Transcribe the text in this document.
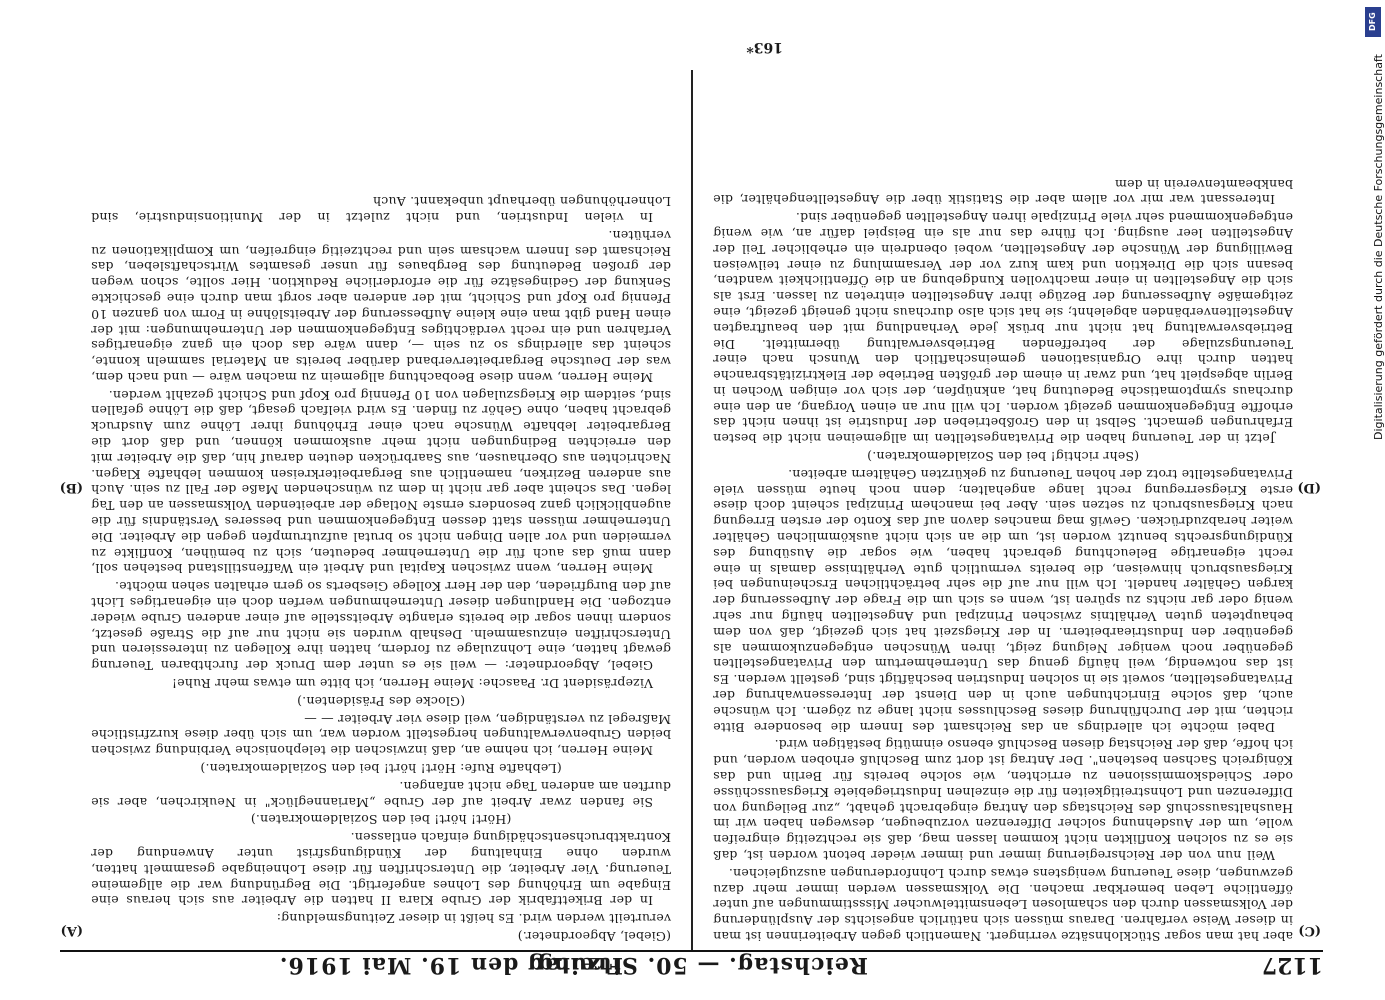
Digitalisierung gefördert durch die Deutsche Forschungsgemeinschaft
DFG
1127
Reichstag. — 50. Sitzung.
Freitag den 19. Mai 1916.
(C)
(D)
(A)
(B)

aber hat man sogar Stücklohnsätze verringert. Namentlich gegen Arbeiterinnen ist man in dieser Weise verfahren. Daraus müssen sich natürlich angesichts der Ausplünderung der Volksmassen durch den schamlosen Lebensmittelwucher Missstimmungen auf unter öffentliche Leben bemerkbar machen. Die Volksmassen werden immer mehr dazu gezwungen, diese Teuerung wenigstens etwas durch Lohnforderungen auszugleichen.

Weil nun von der Reichsregierung immer und immer wieder betont worden ist, daß sie es zu solchen Konflikten nicht kommen lassen mag, daß sie rechtzeitig eingreifen wolle, um der Ausdehnung solcher Differenzen vorzubeugen, deswegen haben wir im Haushaltsausschuß des Reichstags den Antrag eingebracht gehabt, „zur Beilegung von Differenzen und Lohnstreitigkeiten für die einzelnen Industriegebiete Kriegsausschüsse oder Schiedskommissionen zu errichten, wie solche bereits für Berlin und das Königreich Sachsen bestehen". Der Antrag ist dort zum Beschluß erhoben worden, und ich hoffe, daß der Reichstag diesen Beschluß ebenso einmütig bestätigen wird.

Dabei möchte ich allerdings an das Reichsamt des Innern die besondere Bitte richten, mit der Durchführung dieses Beschlusses nicht lange zu zögern. Ich wünsche auch, daß solche Einrichtungen auch in den Dienst der Interessenwahrung der Privatangestellten, soweit sie in solchen Industrien beschäftigt sind, gestellt werden. Es ist das notwendig, weil häufig genug das Unternehmertum den Privatangestellten gegenüber noch weniger Neigung zeigt, ihren Wünschen entgegenzukommen als gegenüber den Industriearbeitern. In der Kriegszeit hat sich gezeigt, daß von dem behaupteten guten Verhältnis zwischen Prinzipal und Angestellten häufig nur sehr wenig oder gar nichts zu spüren ist, wenn es sich um die Frage der Aufbesserung der kargen Gehälter handelt. Ich will nur auf die sehr beträchtlichen Erscheinungen bei Kriegsausbruch hinweisen, die bereits vermutlich gute Verhältnisse damals in eine recht eigenartige Beleuchtung gebracht haben, wie sogar die Ausübung des Kündigungsrechts benutzt worden ist, um die an sich nicht auskömmlichen Gehälter weiter herabzudrücken. Gewiß mag manches davon auf das Konto der ersten Erregung nach Kriegsausbruch zu setzen sein. Aber bei manchem Prinzipal scheint doch diese erste Kriegserregung recht lange angehalten; denn noch heute müssen viele Privatangestellte trotz der hohen Teuerung zu gekürzten Gehältern arbeiten.

(Sehr richtig! bei den Sozialdemokraten.)

Jetzt in der Teuerung haben die Privatangestellten im allgemeinen nicht die besten Erfahrungen gemacht. Selbst in den Großbetrieben der Industrie ist ihnen nicht das erhoffte Entgegenkommen gezeigt worden. Ich will nur an einen Vorgang, an den eine durchaus symptomatische Bedeutung hat, anknüpfen, der sich vor einigen Wochen in Berlin abgespielt hat, und zwar in einem der größten Betriebe der Elektrizitätsbranche hatten durch ihre Organisationen gemeinschaftlich den Wunsch nach einer Teuerungszulage der betreffenden Betriebsverwaltung übermittelt. Die Betriebsverwaltung hat nicht nur brüsk jede Verhandlung mit den beauftragten Angestelltenverbänden abgelehnt; sie hat sich also durchaus nicht geneigt gezeigt, eine zeitgemäße Aufbesserung der Bezüge ihrer Angestellten eintreten zu lassen. Erst als sich die Angestellten in einer machtvollen Kundgebung an die Öffentlichkeit wandten, besann sich die Direktion und kam kurz vor der Versammlung zu einer teilweisen Bewilligung der Wünsche der Angestellten, wobei obendrein ein erheblicher Teil der Angestellten leer ausging. Ich führe das nur als ein Beispiel dafür an, wie wenig entgegenkommend sehr viele Prinzipale ihren Angestellten gegenüber sind.

Interessant war mir vor allem aber die Statistik über die Angestelltengehälter, die bankbeamtenverein in dem

(Giebel, Abgeordneter.)

verurteilt werden wird. Es heißt in dieser Zeitungsmeldung:

In der Brikettfabrik der Grube Klara II hatten die Arbeiter aus sich heraus eine Eingabe um Erhöhung des Lohnes angefertigt. Die Begründung war die allgemeine Teuerung. Vier Arbeiter, die Unterschriften für diese Lohneingabe gesammelt hatten, wurden ohne Einhaltung der Kündigungsfrist unter Anwendung der Kontraktbruchsentschädigung einfach entlassen.

(Hört! hört! bei den Sozialdemokraten.)

Sie fanden zwar Arbeit auf der Grube „Marianneglück" in Neukirchen, aber sie durften am anderen Tage nicht anfangen.

(Lebhafte Rufe: Hört! hört! bei den Sozialdemokraten.)

Meine Herren, ich nehme an, daß inzwischen die telephonische Verbindung zwischen beiden Grubenverwaltungen hergestellt worden war, um sich über diese kurzfristliche Maßregel zu verständigen, weil diese vier Arbeiter — —

(Glocke des Präsidenten.)

Vizepräsident Dr. Paasche: Meine Herren, ich bitte um etwas mehr Ruhe!

Giebel, Abgeordneter: — weil sie es unter dem Druck der furchtbaren Teuerung gewagt hatten, eine Lohnzulage zu fordern, hatten ihre Kollegen zu interessieren und Unterschriften einzusammeln. Deshalb wurden sie nicht nur auf die Straße gesetzt, sondern ihnen sogar die bereits erlangte Arbeitsstelle auf einer anderen Grube wieder entzogen. Die Handlungen dieser Unternehmungen werfen doch ein eigenartiges Licht auf den Burgfrieden, den der Herr Kollege Giesberts so gern erhalten sehen möchte.

Meine Herren, wenn zwischen Kapital und Arbeit ein Waffenstillstand bestehen soll, dann muß das auch für die Unternehmer bedeuten, sich zu bemühen, Konflikte zu vermeiden und vor allen Dingen nicht so brutal aufzutrumpfen gegen die Arbeiter. Die Unternehmer müssen statt dessen Entgegenkommen und besseres Verständnis für die augenblicklich ganz besonders ernste Notlage der arbeitenden Volksmassen an den Tag legen. Das scheint aber gar nicht in dem zu wünschenden Maße der Fall zu sein. Auch aus anderen Bezirken, namentlich aus Bergarbeiterkreisen kommen lebhafte Klagen. Nachrichten aus Oberhausen, aus Saarbrücken deuten darauf hin, daß die Arbeiter mit den erreichten Bedingungen nicht mehr auskommen können, und daß dort die Bergarbeiter lebhafte Wünsche nach einer Erhöhung ihrer Löhne zum Ausdruck gebracht haben, ohne Gehör zu finden. Es wird vielfach gesagt, daß die Löhne gefallen sind, seitdem die Kriegszulagen von 10 Pfennig pro Kopf und Schicht gezahlt werden.

Meine Herren, wenn diese Beobachtung allgemein zu machen wäre — und nach dem, was der Deutsche Bergarbeiterverband darüber bereits an Material sammeln konnte, scheint das allerdings so zu sein —, dann wäre das doch ein ganz eigenartiges Verfahren und ein recht verdächtiges Entgegenkommen der Unternehmungen: mit der einen Hand gibt man eine kleine Aufbesserung der Arbeitslöhne in Form von ganzen 10 Pfennig pro Kopf und Schicht, mit der anderen aber sorgt man durch eine geschickte Senkung der Gedingesätze für die erforderliche Reduktion. Hier sollte, schon wegen der großen Bedeutung des Bergbaues für unser gesamtes Wirtschaftsleben, das Reichsamt des Innern wachsam sein und rechtzeitig eingreifen, um Komplikationen zu verhüten.

In vielen Industrien, und nicht zuletzt in der Munitionsindustrie, sind Lohnerhöhungen überhaupt unbekannt. Auch

163*
